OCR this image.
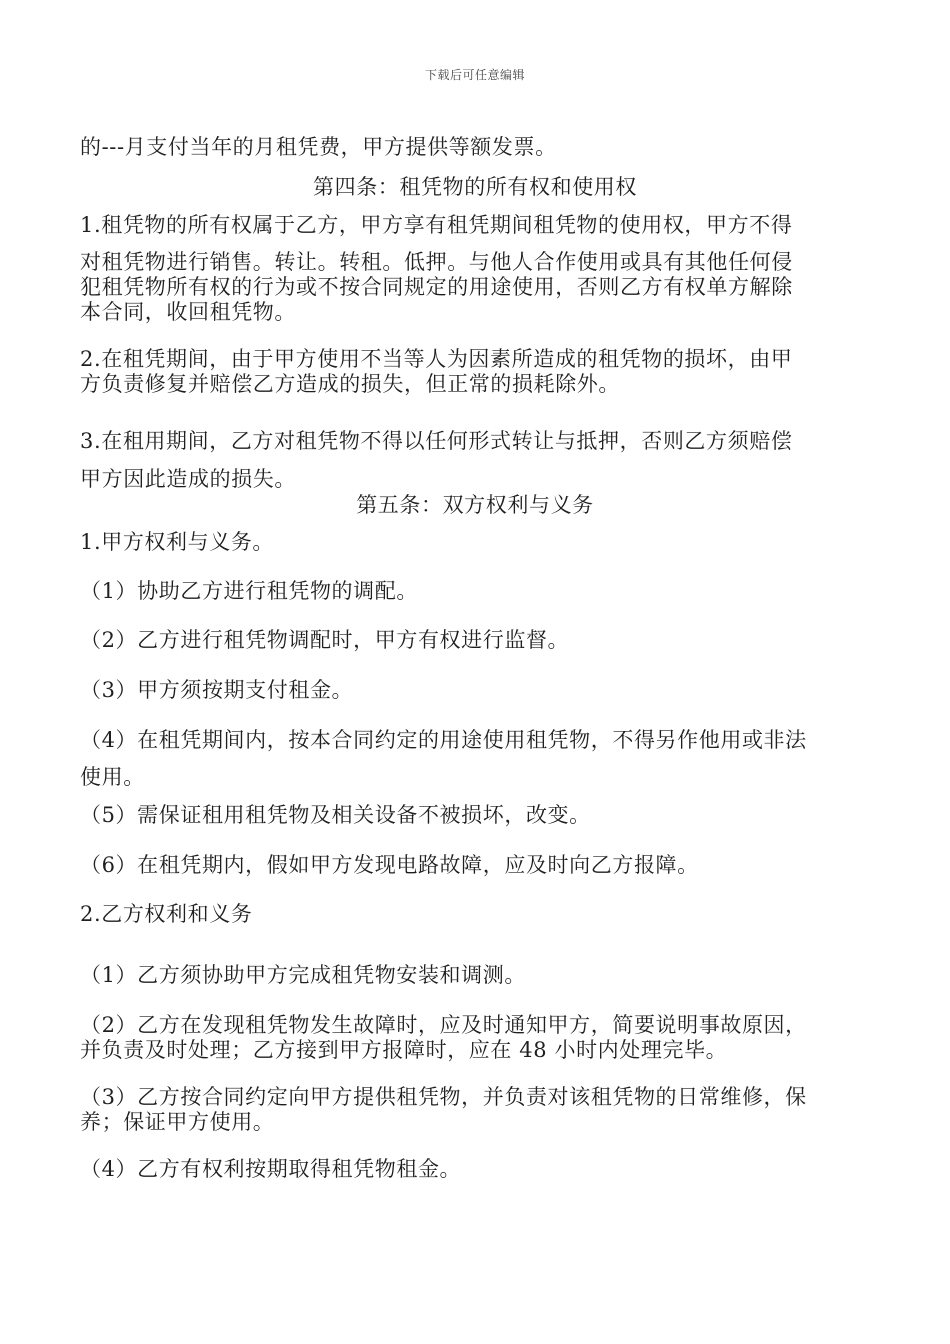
下载后可任意编辑
的---月支付当年的月租凭费，甲方提供等额发票。
第四条：租凭物的所有权和使用权
1.租凭物的所有权属于乙方，甲方享有租凭期间租凭物的使用权，甲方不得
对租凭物进行销售。转让。转租。低押。与他人合作使用或具有其他任何侵
犯租凭物所有权的行为或不按合同规定的用途使用，否则乙方有权单方解除
本合同，收回租凭物。
2.在租凭期间，由于甲方使用不当等人为因素所造成的租凭物的损坏，由甲
方负责修复并赔偿乙方造成的损失，但正常的损耗除外。
3.在租用期间，乙方对租凭物不得以任何形式转让与抵押，否则乙方须赔偿
甲方因此造成的损失。
第五条：双方权利与义务
1.甲方权利与义务。
（1）协助乙方进行租凭物的调配。
（2）乙方进行租凭物调配时，甲方有权进行监督。
（3）甲方须按期支付租金。
（4）在租凭期间内，按本合同约定的用途使用租凭物，不得另作他用或非法
使用。
（5）需保证租用租凭物及相关设备不被损坏，改变。
（6）在租凭期内，假如甲方发现电路故障，应及时向乙方报障。
2.乙方权利和义务
（1）乙方须协助甲方完成租凭物安装和调测。
（2）乙方在发现租凭物发生故障时，应及时通知甲方，简要说明事故原因，
并负责及时处理；乙方接到甲方报障时，应在 48 小时内处理完毕。
（3）乙方按合同约定向甲方提供租凭物，并负责对该租凭物的日常维修，保
养；保证甲方使用。
（4）乙方有权利按期取得租凭物租金。
